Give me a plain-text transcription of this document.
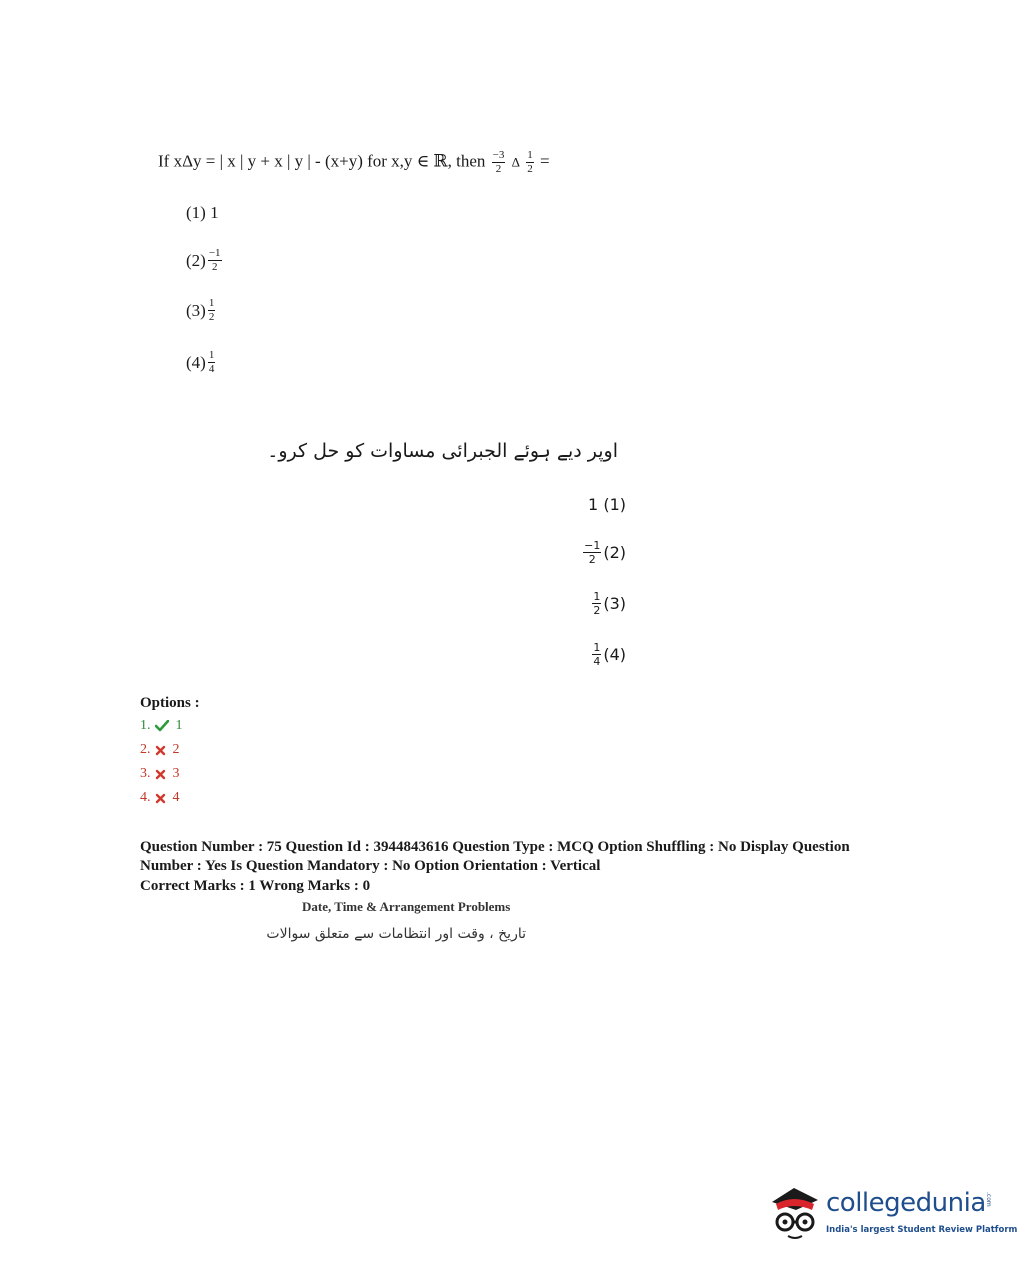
If xΔy = | x | y + x | y | - (x+y) for x,y ∈ ℝ, then $\frac{-3}{2}$ Δ $\frac{1}{2}$ =
(1)
1
$(2) \frac{-1}{2}$
$(3) \frac{1}{2}$
$(4) \frac{1}{4}$
اوپر دیے ہوئے الجبرائی مساوات کو حل کرو۔
1
(1)
$\frac{-1}{2} (2)$
$\frac{1}{2} (3)$
$\frac{1}{4} (4)$
Options :
1. 1
2. 2
3. 3
4. 4
Question Number : 75 Question Id : 3944843616 Question Type : MCQ Option Shuffling : No Display Question
Number : Yes Is Question Mandatory : No Option Orientation : Vertical
Correct Marks : 1 Wrong Marks : 0
Date, Time & Arrangement Problems
تاریخ ، وقت اور انتظامات سے متعلق سوالات
collegedunia .com
India's largest Student Review Platform
